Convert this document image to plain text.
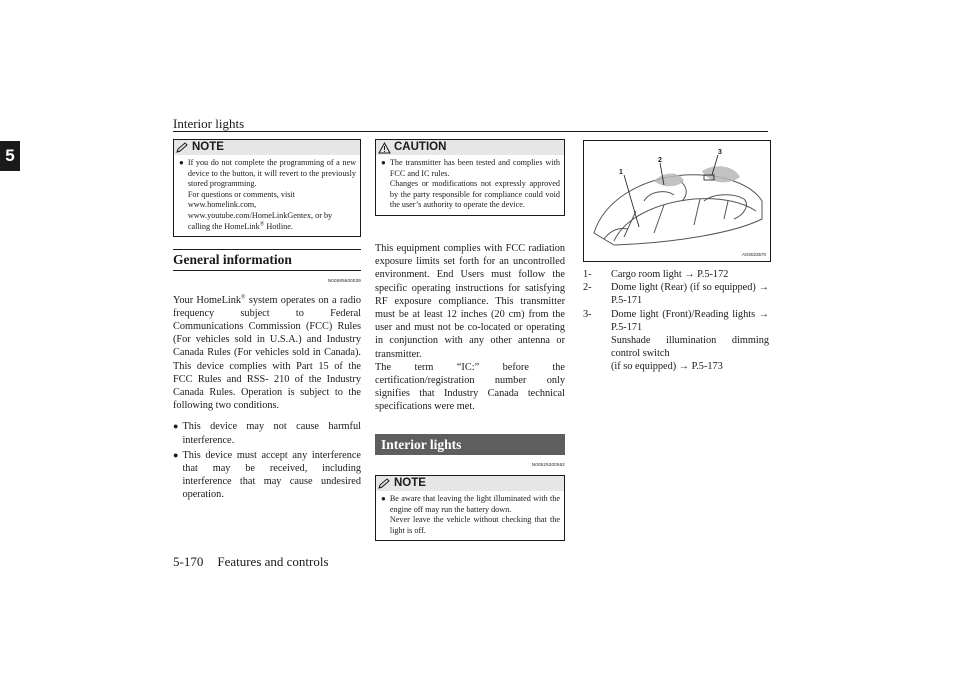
Interior lights
5	NOTE
● If you do not complete the programming of a new device to the button, it will revert to the previously stored programming.
For questions or comments, visit
www.homelink.com,
www.youtube.com/HomeLinkGentex, or by
calling the HomeLink® Hotline.
General information
N00585600039
Your HomeLink® system operates on a radio frequency subject to Federal Communications Commission (FCC) Rules (For vehicles sold in U.S.A.) and Industry Canada Rules (For vehicles sold in Canada). This device complies with Part 15 of the FCC Rules and RSS- 210 of the Industry Canada Rules. Operation is subject to the following two conditions.
● This device may not cause harmful interference.
● This device must accept any interference that may be received, including interference that may cause undesired operation.
CAUTION
● The transmitter has been tested and complies with FCC and IC rules.
Changes or modifications not expressly approved by the party responsible for compliance could void the user’s authority to operate the device.
This equipment complies with FCC radiation exposure limits set forth for an uncontrolled environment. End Users must follow the specific operating instructions for satisfying RF exposure compliance. This transmitter must be at least 12 inches (20 cm) from the user and must not be co-located or operating in conjunction with any other antenna or transmitter.
The term “IC:” before the certification/registration number only signifies that Industry Canada technical specifications were met.
Interior lights
N00525300562
NOTE
● Be aware that leaving the light illuminated with the engine off may run the battery down.
Never leave the vehicle without checking that the light is off.
1
2
3
AG0023570
1-	Cargo room light → P.5-172
2-	Dome light (Rear) (if so equipped) → P.5-171
3-	Dome light (Front)/Reading lights → P.5-171
Sunshade illumination dimming control switch
(if so equipped) → P.5-173
5-170 Features and controls
